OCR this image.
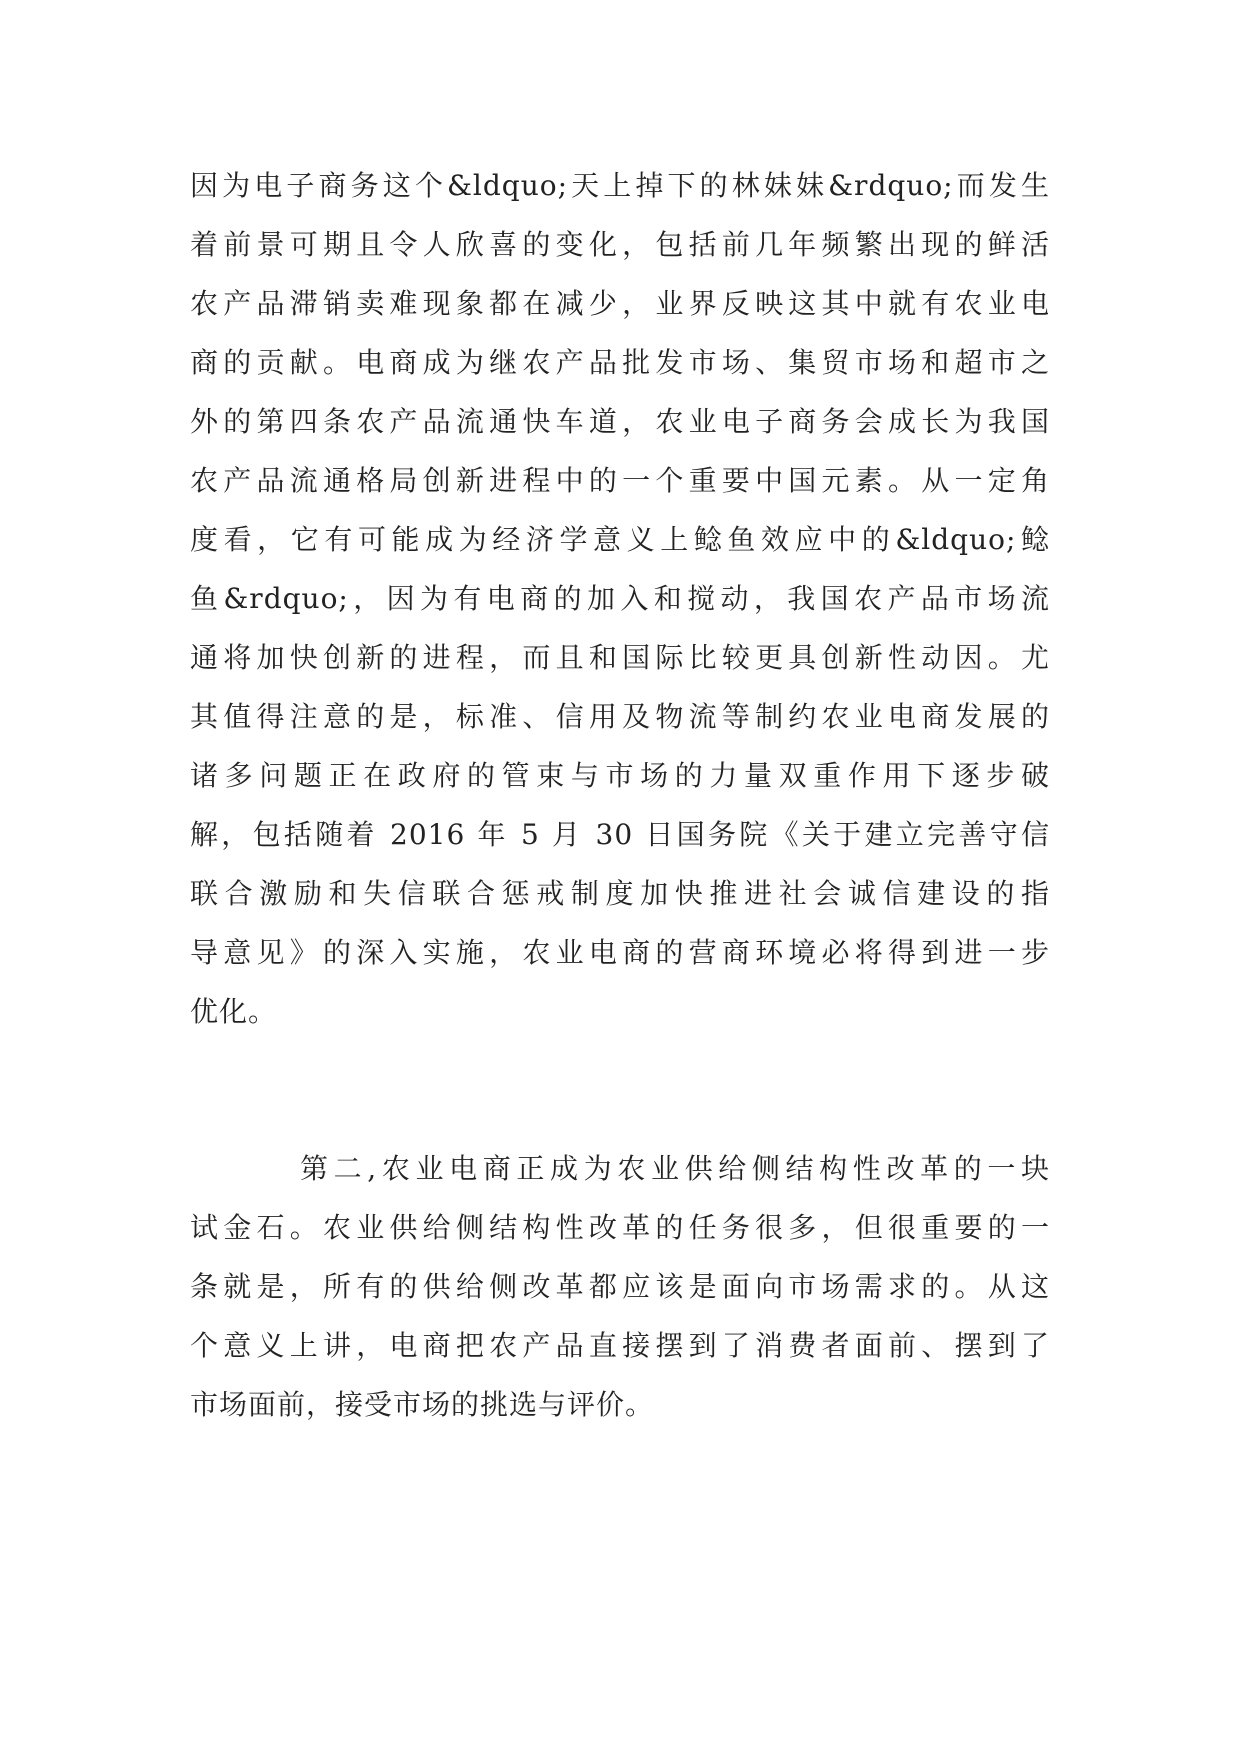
因为电子商务这个&ldquo;天上掉下的林妹妹&rdquo;而发生
着前景可期且令人欣喜的变化，包括前几年频繁出现的鲜活
农产品滞销卖难现象都在减少，业界反映这其中就有农业电
商的贡献。电商成为继农产品批发市场、集贸市场和超市之
外的第四条农产品流通快车道，农业电子商务会成长为我国
农产品流通格局创新进程中的一个重要中国元素。从一定角
度看，它有可能成为经济学意义上鲶鱼效应中的&ldquo;鲶
鱼&rdquo;，因为有电商的加入和搅动，我国农产品市场流
通将加快创新的进程，而且和国际比较更具创新性动因。尤
其值得注意的是，标准、信用及物流等制约农业电商发展的
诸多问题正在政府的管束与市场的力量双重作用下逐步破
解，包括随着 2016 年 5 月 30 日国务院《关于建立完善守信
联合激励和失信联合惩戒制度加快推进社会诚信建设的指
导意见》的深入实施，农业电商的营商环境必将得到进一步
优化。
第二,农业电商正成为农业供给侧结构性改革的一块
试金石。农业供给侧结构性改革的任务很多，但很重要的一
条就是，所有的供给侧改革都应该是面向市场需求的。从这
个意义上讲，电商把农产品直接摆到了消费者面前、摆到了
市场面前，接受市场的挑选与评价。
